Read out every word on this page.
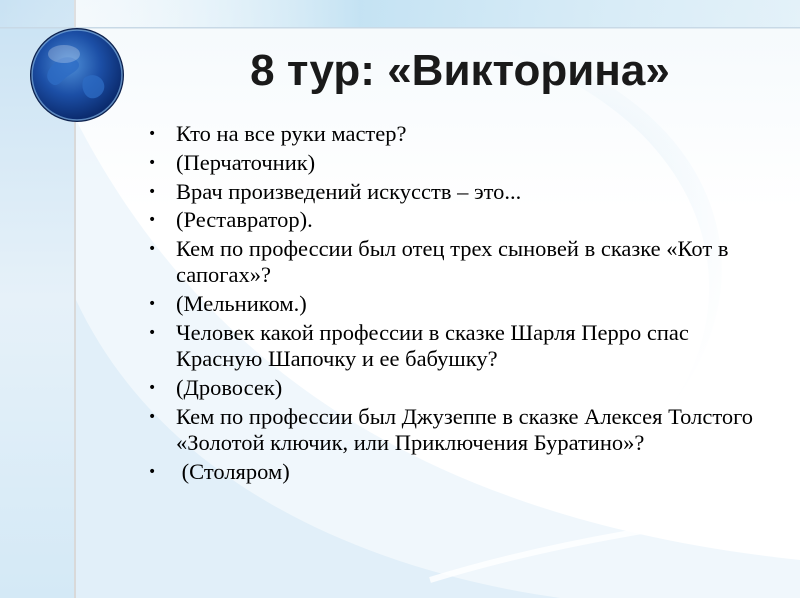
8 тур: «Викторина»
• Кто на все руки мастер?
• (Перчаточник)
• Врач произведений искусств – это...
• (Реставратор).
• Кем по профессии был отец трех сыновей в сказке «Кот в сапогах»?
• (Мельником.)
• Человек какой профессии в сказке Шарля Перро спас Красную Шапочку и ее бабушку?
• (Дровосек)
• Кем по профессии был Джузеппе в сказке Алексея Толстого «Золотой ключик, или Приключения Буратино»?
• (Столяром)
